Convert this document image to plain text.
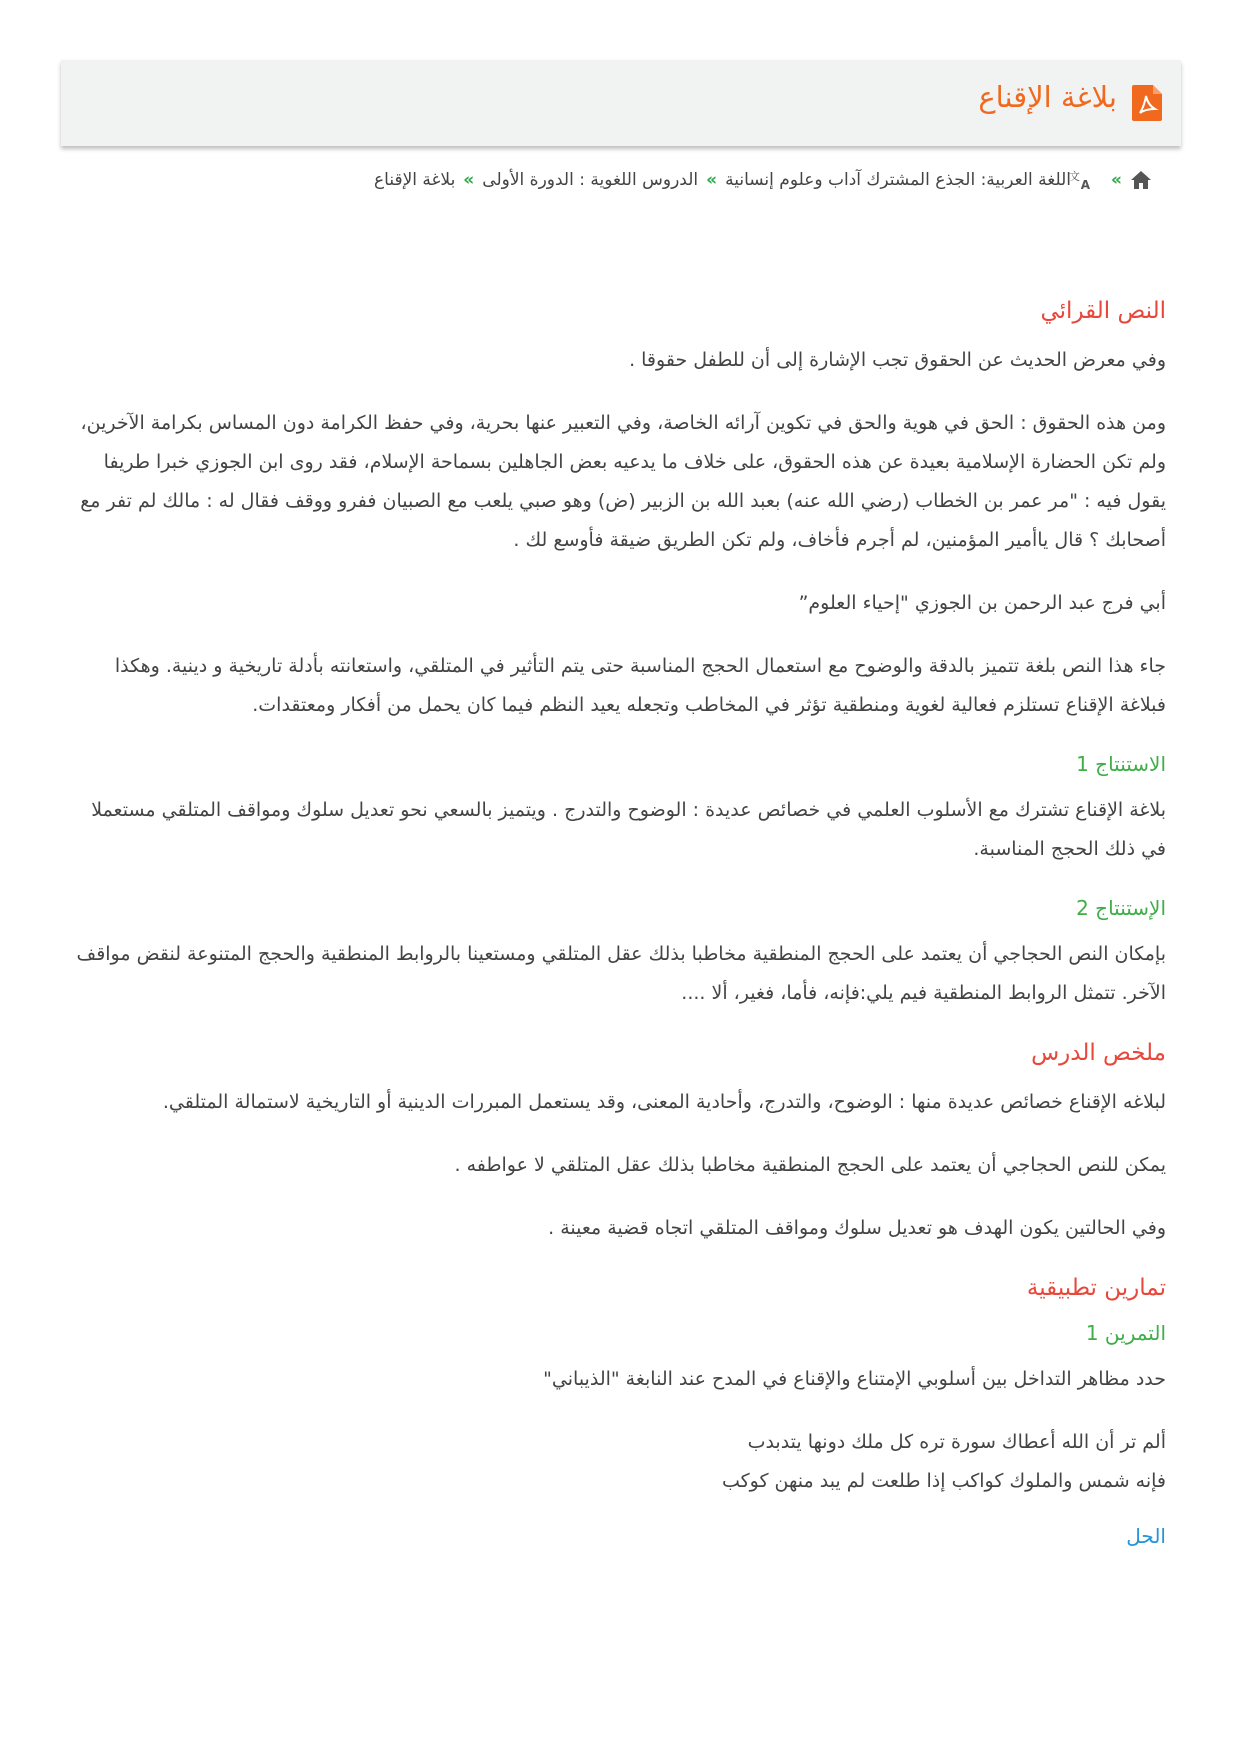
بلاغة الإقناع
»
文
A
اللغة العربية: الجذع المشترك آداب وعلوم إنسانية
»
الدروس اللغوية : الدورة الأولى
»
بلاغة الإقناع
النص القرائي

وفي معرض الحديث عن الحقوق تجب الإشارة إلى أن للطفل حقوقا .

ومن هذه الحقوق : الحق في هوية والحق في تكوين آرائه الخاصة، وفي التعبير عنها بحرية، وفي حفظ الكرامة دون المساس بكرامة الآخرين، ولم تكن الحضارة الإسلامية بعيدة عن هذه الحقوق، على خلاف ما يدعيه بعض الجاهلين بسماحة الإسلام، فقد روى ابن الجوزي خبرا طريفا يقول فيه : "مر عمر بن الخطاب (رضي الله عنه) بعبد الله بن الزبير (ض) وهو صبي يلعب مع الصبيان ففرو ووقف فقال له : مالك لم تفر مع أصحابك ؟ قال ياأمير المؤمنين، لم أجرم فأخاف، ولم تكن الطريق ضيقة فأوسع لك .

أبي فرج عبد الرحمن بن الجوزي "إحياء العلوم”

جاء هذا النص بلغة تتميز بالدقة والوضوح مع استعمال الحجج المناسبة حتى يتم التأثير في المتلقي، واستعانته بأدلة تاريخية و دينية. وهكذا فبلاغة الإقناع تستلزم فعالية لغوية ومنطقية تؤثر في المخاطب وتجعله يعيد النظم فيما كان يحمل من أفكار ومعتقدات.

الاستنتاج 1

بلاغة الإقناع تشترك مع الأسلوب العلمي في خصائص عديدة : الوضوح والتدرج . ويتميز بالسعي نحو تعديل سلوك ومواقف المتلقي مستعملا في ذلك الحجج المناسبة.

الإستنتاج 2

بإمكان النص الحجاجي أن يعتمد على الحجج المنطقية مخاطبا بذلك عقل المتلقي ومستعينا بالروابط المنطقية والحجج المتنوعة لنقض مواقف الآخر. تتمثل الروابط المنطقية فيم يلي:فإنه، فأما، فغير، ألا ....

ملخص الدرس

لبلاغه الإقناع خصائص عديدة منها : الوضوح، والتدرج، وأحادية المعنى، وقد يستعمل المبررات الدينية أو التاريخية لاستمالة المتلقي.

يمكن للنص الحجاجي أن يعتمد على الحجج المنطقية مخاطبا بذلك عقل المتلقي لا عواطفه .

وفي الحالتين يكون الهدف هو تعديل سلوك ومواقف المتلقي اتجاه قضية معينة .

تمارين تطبيقية
التمرين 1

حدد مظاهر التداخل بين أسلوبي الإمتناع والإقناع في المدح عند النابغة "الذيباني"

ألم تر أن الله أعطاك سورة تره كل ملك دونها يتدبدب
فإنه شمس والملوك كواكب إذا طلعت لم يبد منهن كوكب
الحل
